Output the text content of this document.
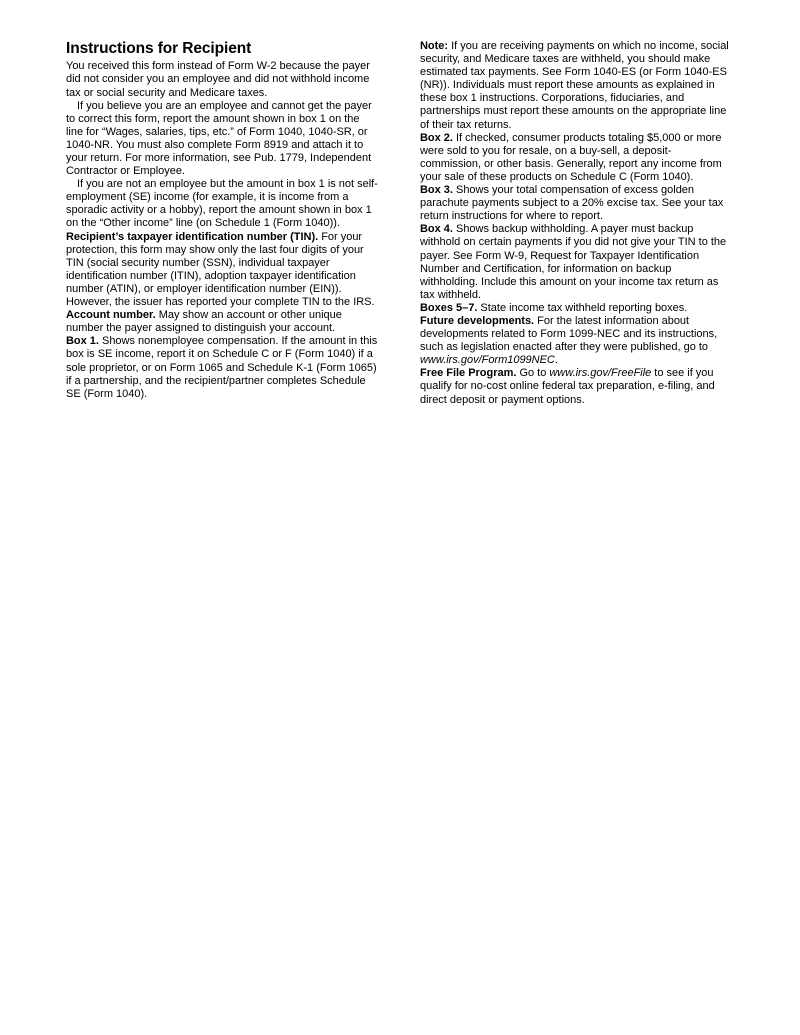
Instructions for Recipient

You received this form instead of Form W-2 because the payer did not consider you an employee and did not withhold income tax or social security and Medicare taxes.

If you believe you are an employee and cannot get the payer to correct this form, report the amount shown in box 1 on the line for “Wages, salaries, tips, etc.” of Form 1040, 1040-SR, or 1040-NR. You must also complete Form 8919 and attach it to your return. For more information, see Pub. 1779, Independent Contractor or Employee.

If you are not an employee but the amount in box 1 is not self-employment (SE) income (for example, it is income from a sporadic activity or a hobby), report the amount shown in box 1 on the “Other income” line (on Schedule 1 (Form 1040)).

Recipient’s taxpayer identification number (TIN). For your protection, this form may show only the last four digits of your TIN (social security number (SSN), individual taxpayer identification number (ITIN), adoption taxpayer identification number (ATIN), or employer identification number (EIN)). However, the issuer has reported your complete TIN to the IRS.

Account number. May show an account or other unique number the payer assigned to distinguish your account.

Box 1. Shows nonemployee compensation. If the amount in this box is SE income, report it on Schedule C or F (Form 1040) if a sole proprietor, or on Form 1065 and Schedule K-1 (Form 1065) if a partnership, and the recipient/partner completes Schedule SE (Form 1040).

Note: If you are receiving payments on which no income, social security, and Medicare taxes are withheld, you should make estimated tax payments. See Form 1040-ES (or Form 1040-ES (NR)). Individuals must report these amounts as explained in these box 1 instructions. Corporations, fiduciaries, and partnerships must report these amounts on the appropriate line of their tax returns.

Box 2. If checked, consumer products totaling $5,000 or more were sold to you for resale, on a buy-sell, a deposit-commission, or other basis. Generally, report any income from your sale of these products on Schedule C (Form 1040).

Box 3. Shows your total compensation of excess golden parachute payments subject to a 20% excise tax. See your tax return instructions for where to report.

Box 4. Shows backup withholding. A payer must backup withhold on certain payments if you did not give your TIN to the payer. See Form W-9, Request for Taxpayer Identification Number and Certification, for information on backup withholding. Include this amount on your income tax return as tax withheld.

Boxes 5–7. State income tax withheld reporting boxes.

Future developments. For the latest information about developments related to Form 1099-NEC and its instructions, such as legislation enacted after they were published, go to www.irs.gov/Form1099NEC.

Free File Program. Go to www.irs.gov/FreeFile to see if you qualify for no-cost online federal tax preparation, e-filing, and direct deposit or payment options.
